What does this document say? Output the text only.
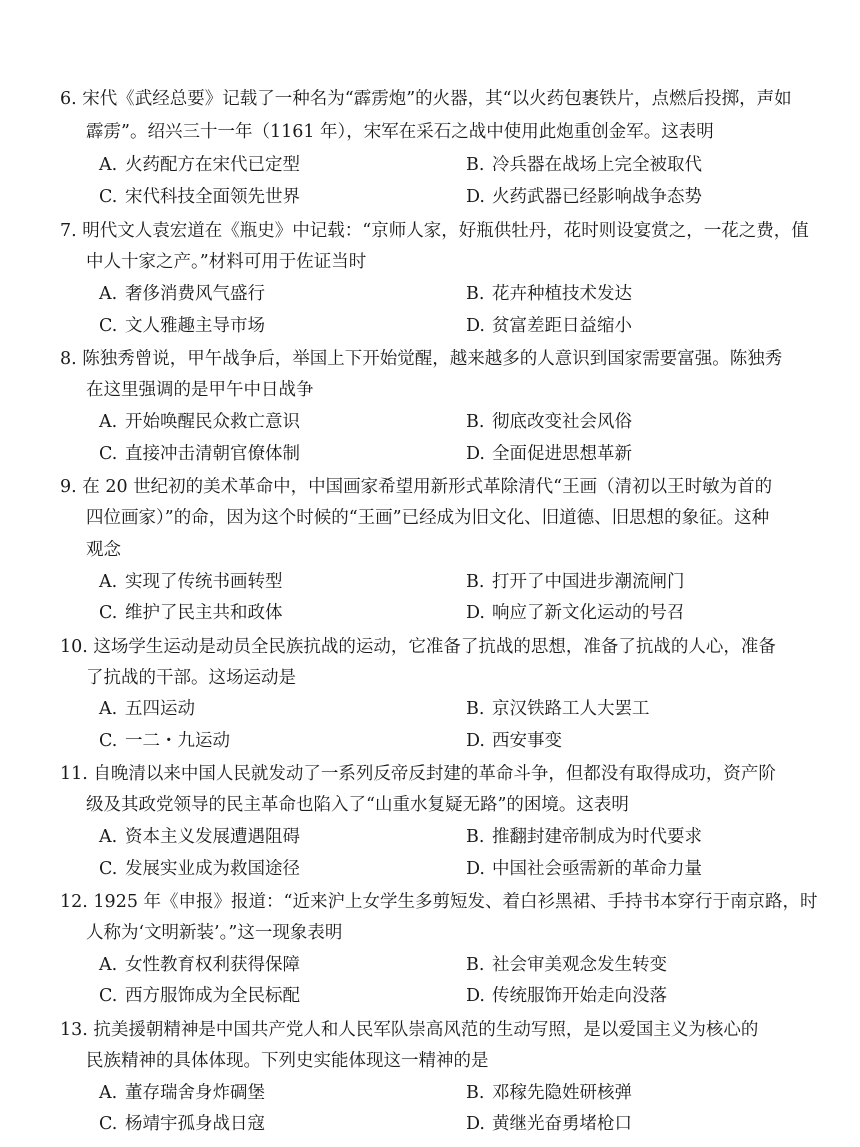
6. 宋代《武经总要》记载了一种名为“霹雳炮”的火器，其“以火药包裹铁片，点燃后投掷，声如
霹雳”。绍兴三十一年（1161 年），宋军在采石之战中使用此炮重创金军。这表明
A. 火药配方在宋代已定型	B. 冷兵器在战场上完全被取代
C. 宋代科技全面领先世界	D. 火药武器已经影响战争态势
7. 明代文人袁宏道在《瓶史》中记载：“京师人家，好瓶供牡丹，花时则设宴赏之，一花之费，值
中人十家之产。”材料可用于佐证当时
A. 奢侈消费风气盛行	B. 花卉种植技术发达
C. 文人雅趣主导市场	D. 贫富差距日益缩小
8. 陈独秀曾说，甲午战争后，举国上下开始觉醒，越来越多的人意识到国家需要富强。陈独秀
在这里强调的是甲午中日战争
A. 开始唤醒民众救亡意识	B. 彻底改变社会风俗
C. 直接冲击清朝官僚体制	D. 全面促进思想革新
9. 在 20 世纪初的美术革命中，中国画家希望用新形式革除清代“王画（清初以王时敏为首的
四位画家）”的命，因为这个时候的“王画”已经成为旧文化、旧道德、旧思想的象征。这种
观念
A. 实现了传统书画转型	B. 打开了中国进步潮流闸门
C. 维护了民主共和政体	D. 响应了新文化运动的号召
10. 这场学生运动是动员全民族抗战的运动，它准备了抗战的思想，准备了抗战的人心，准备
了抗战的干部。这场运动是
A. 五四运动	B. 京汉铁路工人大罢工
C. 一二・九运动	D. 西安事变
11. 自晚清以来中国人民就发动了一系列反帝反封建的革命斗争，但都没有取得成功，资产阶
级及其政党领导的民主革命也陷入了“山重水复疑无路”的困境。这表明
A. 资本主义发展遭遇阻碍	B. 推翻封建帝制成为时代要求
C. 发展实业成为救国途径	D. 中国社会亟需新的革命力量
12. 1925 年《申报》报道：“近来沪上女学生多剪短发、着白衫黑裙、手持书本穿行于南京路，时
人称为‘文明新装’。”这一现象表明
A. 女性教育权利获得保障	B. 社会审美观念发生转变
C. 西方服饰成为全民标配	D. 传统服饰开始走向没落
13. 抗美援朝精神是中国共产党人和人民军队崇高风范的生动写照，是以爱国主义为核心的
民族精神的具体体现。下列史实能体现这一精神的是
A. 董存瑞舍身炸碉堡	B. 邓稼先隐姓研核弹
C. 杨靖宇孤身战日寇	D. 黄继光奋勇堵枪口
